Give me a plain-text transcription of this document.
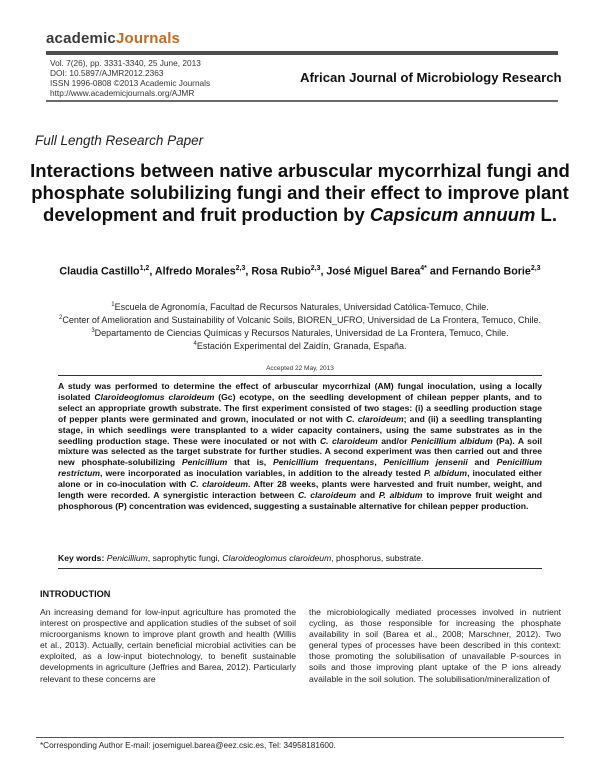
academicJournals
Vol. 7(26), pp. 3331-3340, 25 June, 2013
DOI: 10.5897/AJMR2012.2363
ISSN 1996-0808 ©2013 Academic Journals
http://www.academicjournals.org/AJMR
African Journal of Microbiology Research
Full Length Research Paper
Interactions between native arbuscular mycorrhizal fungi and phosphate solubilizing fungi and their effect to improve plant development and fruit production by Capsicum annuum L.
Claudia Castillo$^{1,2}$, Alfredo Morales$^{2,3}$, Rosa Rubio$^{2,3}$, José Miguel Barea$^{4*}$ and Fernando Borie$^{2,3}$
$^1$Escuela de Agronomía, Facultad de Recursos Naturales, Universidad Católica-Temuco, Chile.
$^2$Center of Amelioration and Sustainability of Volcanic Soils, BIOREN_UFRO, Universidad de La Frontera, Temuco, Chile.
$^3$Departamento de Ciencias Químicas y Recursos Naturales, Universidad de La Frontera, Temuco, Chile.
$^4$Estación Experimental del Zaidín, Granada, España.
Accepted 22 May, 2013
A study was performed to determine the effect of arbuscular mycorrhizal (AM) fungal inoculation, using a locally isolated Claroideoglomus claroideum (Gc) ecotype, on the seedling development of chilean pepper plants, and to select an appropriate growth substrate. The first experiment consisted of two stages: (i) a seedling production stage of pepper plants were germinated and grown, inoculated or not with C. claroideum; and (ii) a seedling transplanting stage, in which seedlings were transplanted to a wider capacity containers, using the same substrates as in the seedling production stage. These were inoculated or not with C. claroideum and/or Penicillium albidum (Pa). A soil mixture was selected as the target substrate for further studies. A second experiment was then carried out and three new phosphate-solubilizing Penicillium that is, Penicillium frequentans, Penicillium jensenii and Penicillium restrictum, were incorporated as inoculation variables, in addition to the already tested P. albidum, inoculated either alone or in co-inoculation with C. claroideum. After 28 weeks, plants were harvested and fruit number, weight, and length were recorded. A synergistic interaction between C. claroideum and P. albidum to improve fruit weight and phosphorous (P) concentration was evidenced, suggesting a sustainable alternative for chilean pepper production.
Key words: Penicillium, saprophytic fungi, Claroideoglomus claroideum, phosphorus, substrate.
INTRODUCTION
An increasing demand for low-input agriculture has promoted the interest on prospective and application studies of the subset of soil microorganisms known to improve plant growth and health (Willis et al., 2013). Actually, certain beneficial microbial activities can be exploited, as a low-input biotechnology, to benefit sustainable developments in agriculture (Jeffries and Barea, 2012). Particularly relevant to these concerns are
the microbiologically mediated processes involved in nutrient cycling, as those responsible for increasing the phosphate availability in soil (Barea et al., 2008; Marschner, 2012). Two general types of processes have been described in this context: those promoting the solubilisation of unavailable P-sources in soils and those improving plant uptake of the P ions already available in the soil solution. The solubilisation/mineralization of
*Corresponding Author E-mail: josemiguel.barea@eez.csic.es, Tel: 34958181600.
